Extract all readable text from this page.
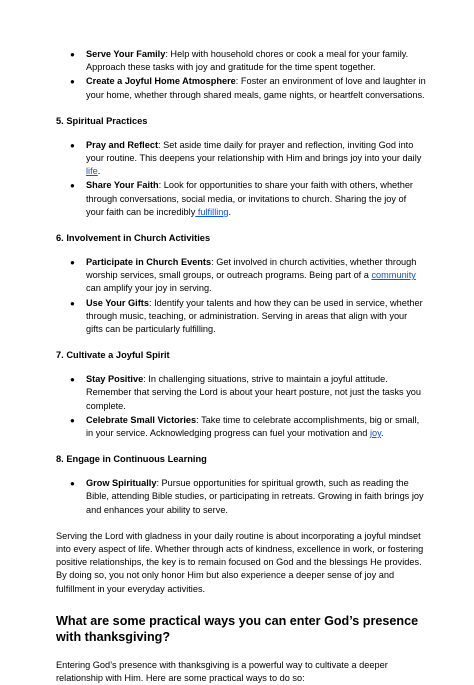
● Serve Your Family: Help with household chores or cook a meal for your family. Approach these tasks with joy and gratitude for the time spent together.
● Create a Joyful Home Atmosphere: Foster an environment of love and laughter in your home, whether through shared meals, game nights, or heartfelt conversations.

5. Spiritual Practices

● Pray and Reflect: Set aside time daily for prayer and reflection, inviting God into your routine. This deepens your relationship with Him and brings joy into your daily life.
● Share Your Faith: Look for opportunities to share your faith with others, whether through conversations, social media, or invitations to church. Sharing the joy of your faith can be incredibly fulfilling.

6. Involvement in Church Activities

● Participate in Church Events: Get involved in church activities, whether through worship services, small groups, or outreach programs. Being part of a community can amplify your joy in serving.
● Use Your Gifts: Identify your talents and how they can be used in service, whether through music, teaching, or administration. Serving in areas that align with your gifts can be particularly fulfilling.

7. Cultivate a Joyful Spirit

● Stay Positive: In challenging situations, strive to maintain a joyful attitude. Remember that serving the Lord is about your heart posture, not just the tasks you complete.
● Celebrate Small Victories: Take time to celebrate accomplishments, big or small, in your service. Acknowledging progress can fuel your motivation and joy.

8. Engage in Continuous Learning

● Grow Spiritually: Pursue opportunities for spiritual growth, such as reading the Bible, attending Bible studies, or participating in retreats. Growing in faith brings joy and enhances your ability to serve.

Serving the Lord with gladness in your daily routine is about incorporating a joyful mindset into every aspect of life. Whether through acts of kindness, excellence in work, or fostering positive relationships, the key is to remain focused on God and the blessings He provides. By doing so, you not only honor Him but also experience a deeper sense of joy and fulfillment in your everyday activities.

What are some practical ways you can enter God’s presence with thanksgiving?

Entering God’s presence with thanksgiving is a powerful way to cultivate a deeper relationship with Him. Here are some practical ways to do so:
